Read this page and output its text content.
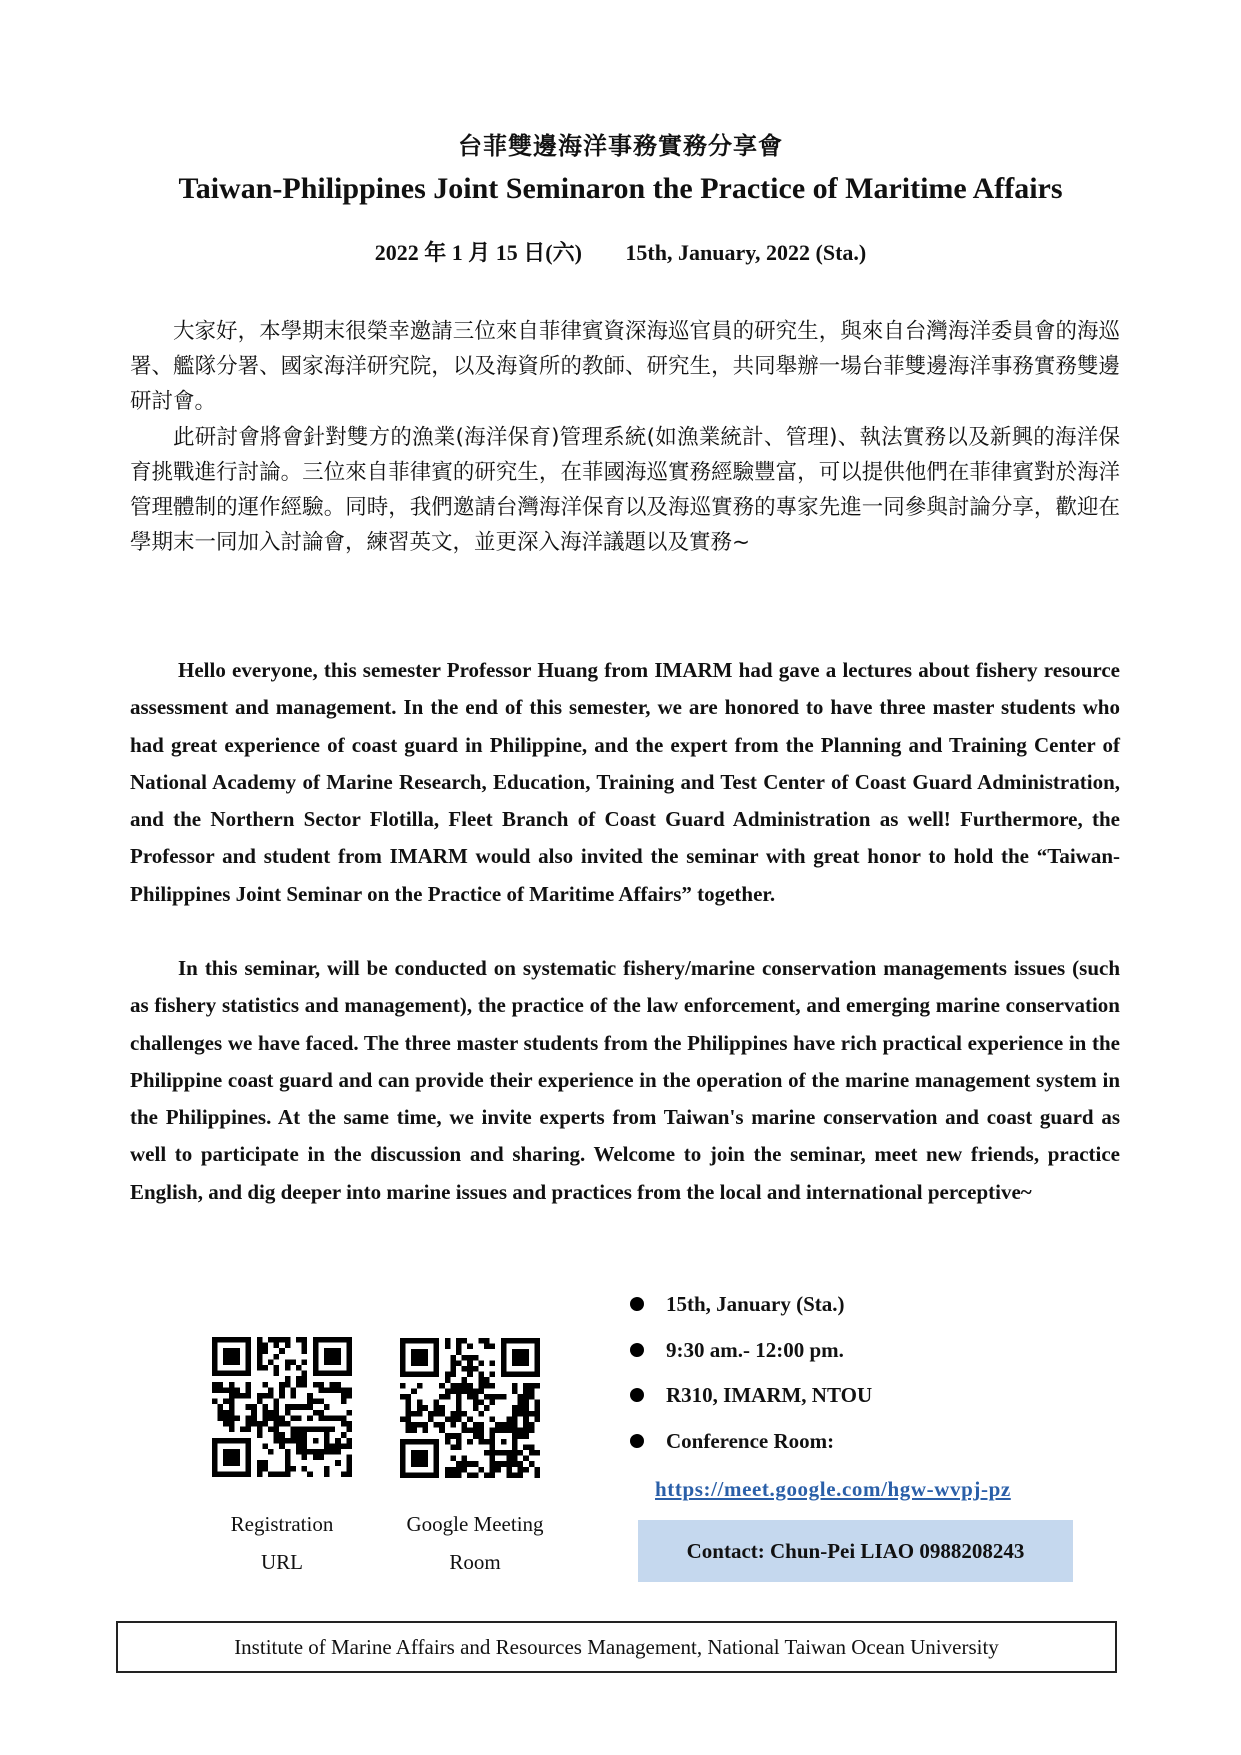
台菲雙邊海洋事務實務分享會
Taiwan-Philippines Joint Seminaron the Practice of Maritime Affairs
2022 年 1 月 15 日(六) 15th, January, 2022 (Sta.)

大家好，本學期末很榮幸邀請三位來自菲律賓資深海巡官員的研究生，與來自台灣海洋委員會的海巡署、艦隊分署、國家海洋研究院，以及海資所的教師、研究生，共同舉辦一場台菲雙邊海洋事務實務雙邊研討會。

此研討會將會針對雙方的漁業(海洋保育)管理系統(如漁業統計、管理)、執法實務以及新興的海洋保育挑戰進行討論。三位來自菲律賓的研究生，在菲國海巡實務經驗豐富，可以提供他們在菲律賓對於海洋管理體制的運作經驗。同時，我們邀請台灣海洋保育以及海巡實務的專家先進一同參與討論分享，歡迎在學期末一同加入討論會，練習英文，並更深入海洋議題以及實務~

Hello everyone, this semester Professor Huang from IMARM had gave a lectures about fishery resource assessment and management. In the end of this semester, we are honored to have three master students who had great experience of coast guard in Philippine, and the expert from the Planning and Training Center of National Academy of Marine Research, Education, Training and Test Center of Coast Guard Administration, and the Northern Sector Flotilla, Fleet Branch of Coast Guard Administration as well! Furthermore, the Professor and student from IMARM would also invited the seminar with great honor to hold the “Taiwan-Philippines Joint Seminar on the Practice of Maritime Affairs” together.

In this seminar, will be conducted on systematic fishery/marine conservation managements issues (such as fishery statistics and management), the practice of the law enforcement, and emerging marine conservation challenges we have faced. The three master students from the Philippines have rich practical experience in the Philippine coast guard and can provide their experience in the operation of the marine management system in the Philippines. At the same time, we invite experts from Taiwan's marine conservation and coast guard as well to participate in the discussion and sharing. Welcome to join the seminar, meet new friends, practice English, and dig deeper into marine issues and practices from the local and international perceptive~

Registration
URL
Google Meeting
Room
15th, January (Sta.)
9:30 am.- 12:00 pm.
R310, IMARM, NTOU
Conference Room:
https://meet.google.com/hgw-wvpj-pz
Contact: Chun-Pei LIAO 0988208243
Institute of Marine Affairs and Resources Management, National Taiwan Ocean University
